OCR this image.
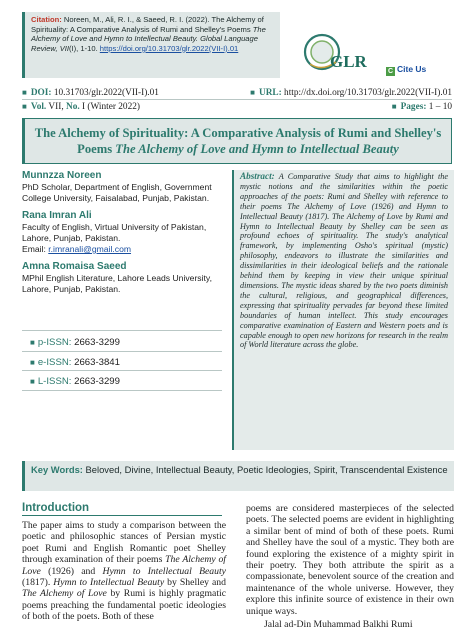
Citation: Noreen, M., Ali, R. I., & Saeed, R. I. (2022). The Alchemy of Spirituality: A Comparative Analysis of Rumi and Shelley's Poems The Alchemy of Love and Hymn to Intellectual Beauty. Global Language Review, VII(I), 1-10. https://doi.org/10.31703/glr.2022(VII-I).01
GLR
C Cite Us
■ DOI: 10.31703/glr.2022(VII-I).01	■ URL: http://dx.doi.org/10.31703/glr.2022(VII-I).01
■ Vol. VII, No. I (Winter 2022)	■ Pages: 1 – 10
The Alchemy of Spirituality: A Comparative Analysis of Rumi and Shelley's Poems The Alchemy of Love and Hymn to Intellectual Beauty
Munnzza Noreen
PhD Scholar, Department of English, Government College University, Faisalabad, Punjab, Pakistan.
Rana Imran Ali
Faculty of English, Virtual University of Pakistan, Lahore, Punjab, Pakistan.
Email: r.imranali@gmail.com
Amna Romaisa Saeed
MPhil English Literature, Lahore Leads University, Lahore, Punjab, Pakistan.
■ p-ISSN: 2663-3299
■ e-ISSN: 2663-3841
■ L-ISSN: 2663-3299
Abstract: A Comparative Study that aims to highlight the mystic notions and the similarities within the poetic approaches of the poets: Rumi and Shelley with reference to their poems The Alchemy of Love (1926) and Hymn to Intellectual Beauty (1817). The Alchemy of Love by Rumi and Hymn to Intellectual Beauty by Shelley can be seen as profound echoes of spirituality. The study's analytical framework, by implementing Osho's spiritual (mystic) philosophy, endeavors to illustrate the similarities and dissimilarities in their ideological beliefs and the rationale behind them by keeping in view their unique spiritual dimensions. The mystic ideas shared by the two poets diminish the cultural, religious, and geographical differences, expressing that spirituality pervades far beyond these limited boundaries of human intellect. This study encourages comparative examination of Eastern and Western poets and is capable enough to open new horizons for research in the realm of World literature across the globe.
Key Words: Beloved, Divine, Intellectual Beauty, Poetic Ideologies, Spirit, Transcendental Existence
Introduction
The paper aims to study a comparison between the poetic and philosophic stances of Persian mystic poet Rumi and English Romantic poet Shelley through examination of their poems The Alchemy of Love (1926) and Hymn to Intellectual Beauty (1817). Hymn to Intellectual Beauty by Shelley and The Alchemy of Love by Rumi is highly pragmatic poems preaching the fundamental poetic ideologies of both of the poets. Both of these
poems are considered masterpieces of the selected poets. The selected poems are evident in highlighting a similar bent of mind of both of these poets. Rumi and Shelley have the soul of a mystic. They both are found exploring the existence of a mighty spirit in their poetry. They both attribute the spirit as a compassionate, benevolent source of the creation and maintenance of the whole universe. However, they explore this infinite source of existence in their own unique ways.
Jalal ad-Din Muhammad Balkhi Rumi
